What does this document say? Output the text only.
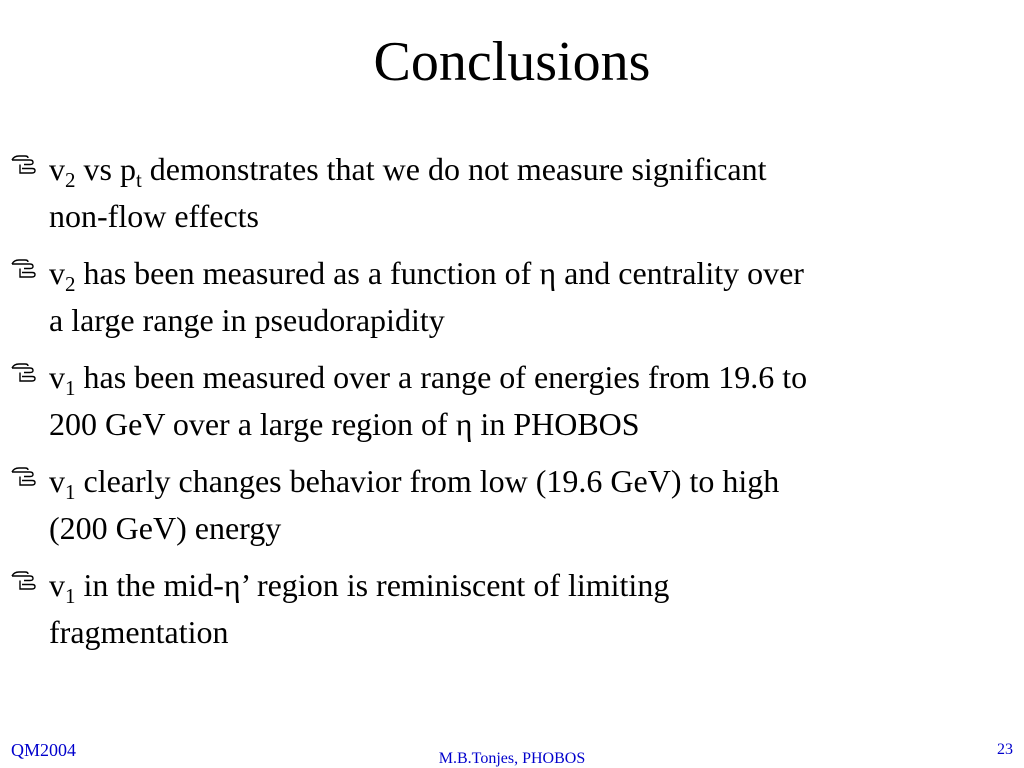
Conclusions
$v_2$ vs $p_t$ demonstrates that we do not measure significant
non-flow effects
$v_2$ has been measured as a function of η and centrality over
a large range in pseudorapidity
$v_1$ has been measured over a range of energies from 19.6 to
200 GeV over a large region of η in PHOBOS
$v_1$ clearly changes behavior from low (19.6 GeV) to high
(200 GeV) energy
$v_1$ in the mid-η’ region is reminiscent of limiting
fragmentation
QM2004	M.B.Tonjes, PHOBOS
23
